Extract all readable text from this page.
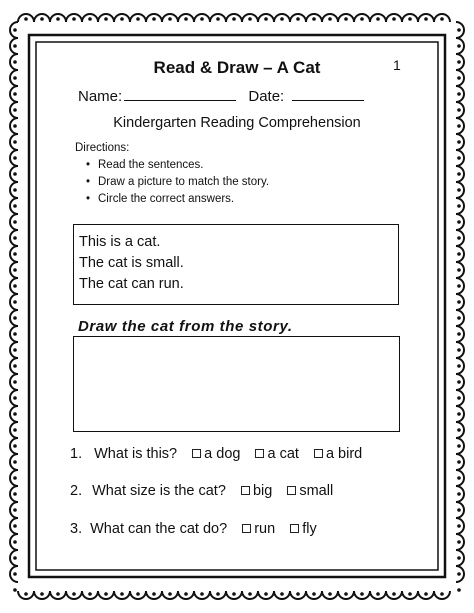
Read & Draw – A Cat	1
Name:	Date:
Kindergarten Reading Comprehension
Directions:
• Read the sentences.
• Draw a picture to match the story.
• Circle the correct answers.
This is a cat.
The cat is small.
The cat can run.
Draw the cat from the story.
1. What is this? a dog a cat a bird
2. What size is the cat? big small
3. What can the cat do? run fly
